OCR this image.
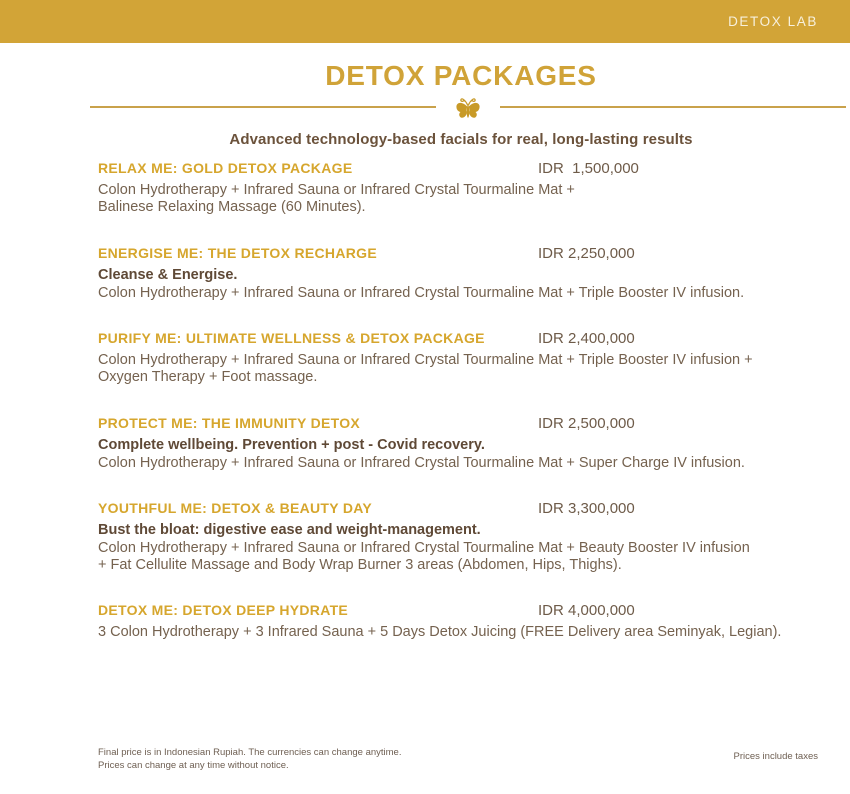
DETOX LAB
DETOX PACKAGES
Advanced technology-based facials for real, long-lasting results
RELAX ME: GOLD DETOX PACKAGE	IDR  1,500,000
Colon Hydrotherapy + Infrared Sauna or Infrared Crystal Tourmaline Mat +
Balinese Relaxing Massage (60 Minutes).
ENERGISE ME: THE DETOX RECHARGE	IDR 2,250,000
Cleanse & Energise.
Colon Hydrotherapy + Infrared Sauna or Infrared Crystal Tourmaline Mat + Triple Booster IV infusion.
PURIFY ME: ULTIMATE WELLNESS & DETOX PACKAGE	IDR 2,400,000
Colon Hydrotherapy + Infrared Sauna or Infrared Crystal Tourmaline Mat + Triple Booster IV infusion +
Oxygen Therapy + Foot massage.
PROTECT ME: THE IMMUNITY DETOX	IDR 2,500,000
Complete wellbeing. Prevention + post - Covid recovery.
Colon Hydrotherapy + Infrared Sauna or Infrared Crystal Tourmaline Mat + Super Charge IV infusion.
YOUTHFUL ME: DETOX & BEAUTY DAY	IDR 3,300,000
Bust the bloat: digestive ease and weight-management.
Colon Hydrotherapy + Infrared Sauna or Infrared Crystal Tourmaline Mat + Beauty Booster IV infusion
+ Fat Cellulite Massage and Body Wrap Burner 3 areas (Abdomen, Hips, Thighs).
DETOX ME: DETOX DEEP HYDRATE	IDR 4,000,000
3 Colon Hydrotherapy + 3 Infrared Sauna + 5 Days Detox Juicing (FREE Delivery area Seminyak, Legian).
Final price is in Indonesian Rupiah. The currencies can change anytime.
Prices can change at any time without notice.
Prices include taxes
